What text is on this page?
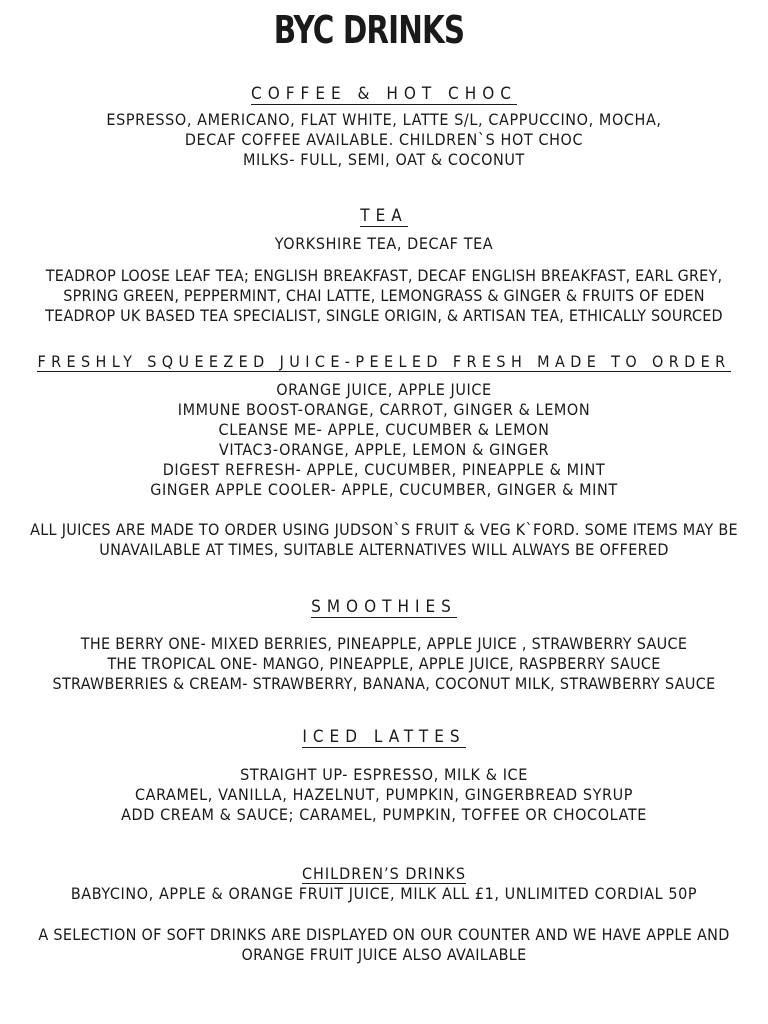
BYC DRINKS
COFFEE & HOT CHOC
ESPRESSO, AMERICANO, FLAT WHITE, LATTE S/L, CAPPUCCINO, MOCHA,
DECAF COFFEE AVAILABLE. CHILDREN`S HOT CHOC
MILKS- FULL, SEMI, OAT & COCONUT
TEA
YORKSHIRE TEA, DECAF TEA
TEADROP LOOSE LEAF TEA; ENGLISH BREAKFAST, DECAF ENGLISH BREAKFAST, EARL GREY,
SPRING GREEN, PEPPERMINT, CHAI LATTE, LEMONGRASS & GINGER & FRUITS OF EDEN
TEADROP UK BASED TEA SPECIALIST, SINGLE ORIGIN, & ARTISAN TEA, ETHICALLY SOURCED
FRESHLY SQUEEZED JUICE-PEELED FRESH MADE TO ORDER
ORANGE JUICE, APPLE JUICE
IMMUNE BOOST-ORANGE, CARROT, GINGER & LEMON
CLEANSE ME- APPLE, CUCUMBER & LEMON
VITAC3-ORANGE, APPLE, LEMON & GINGER
DIGEST REFRESH- APPLE, CUCUMBER, PINEAPPLE & MINT
GINGER APPLE COOLER- APPLE, CUCUMBER, GINGER & MINT
ALL JUICES ARE MADE TO ORDER USING JUDSON`S FRUIT & VEG K`FORD. SOME ITEMS MAY BE
UNAVAILABLE AT TIMES, SUITABLE ALTERNATIVES WILL ALWAYS BE OFFERED
SMOOTHIES
THE BERRY ONE- MIXED BERRIES, PINEAPPLE, APPLE JUICE , STRAWBERRY SAUCE
THE TROPICAL ONE- MANGO, PINEAPPLE, APPLE JUICE, RASPBERRY SAUCE
STRAWBERRIES & CREAM- STRAWBERRY, BANANA, COCONUT MILK, STRAWBERRY SAUCE
ICED LATTES
STRAIGHT UP- ESPRESSO, MILK & ICE
CARAMEL, VANILLA, HAZELNUT, PUMPKIN, GINGERBREAD SYRUP
ADD CREAM & SAUCE; CARAMEL, PUMPKIN, TOFFEE OR CHOCOLATE
CHILDREN’S DRINKS
BABYCINO, APPLE & ORANGE FRUIT JUICE, MILK ALL £1, UNLIMITED CORDIAL 50P
A SELECTION OF SOFT DRINKS ARE DISPLAYED ON OUR COUNTER AND WE HAVE APPLE AND
ORANGE FRUIT JUICE ALSO AVAILABLE
